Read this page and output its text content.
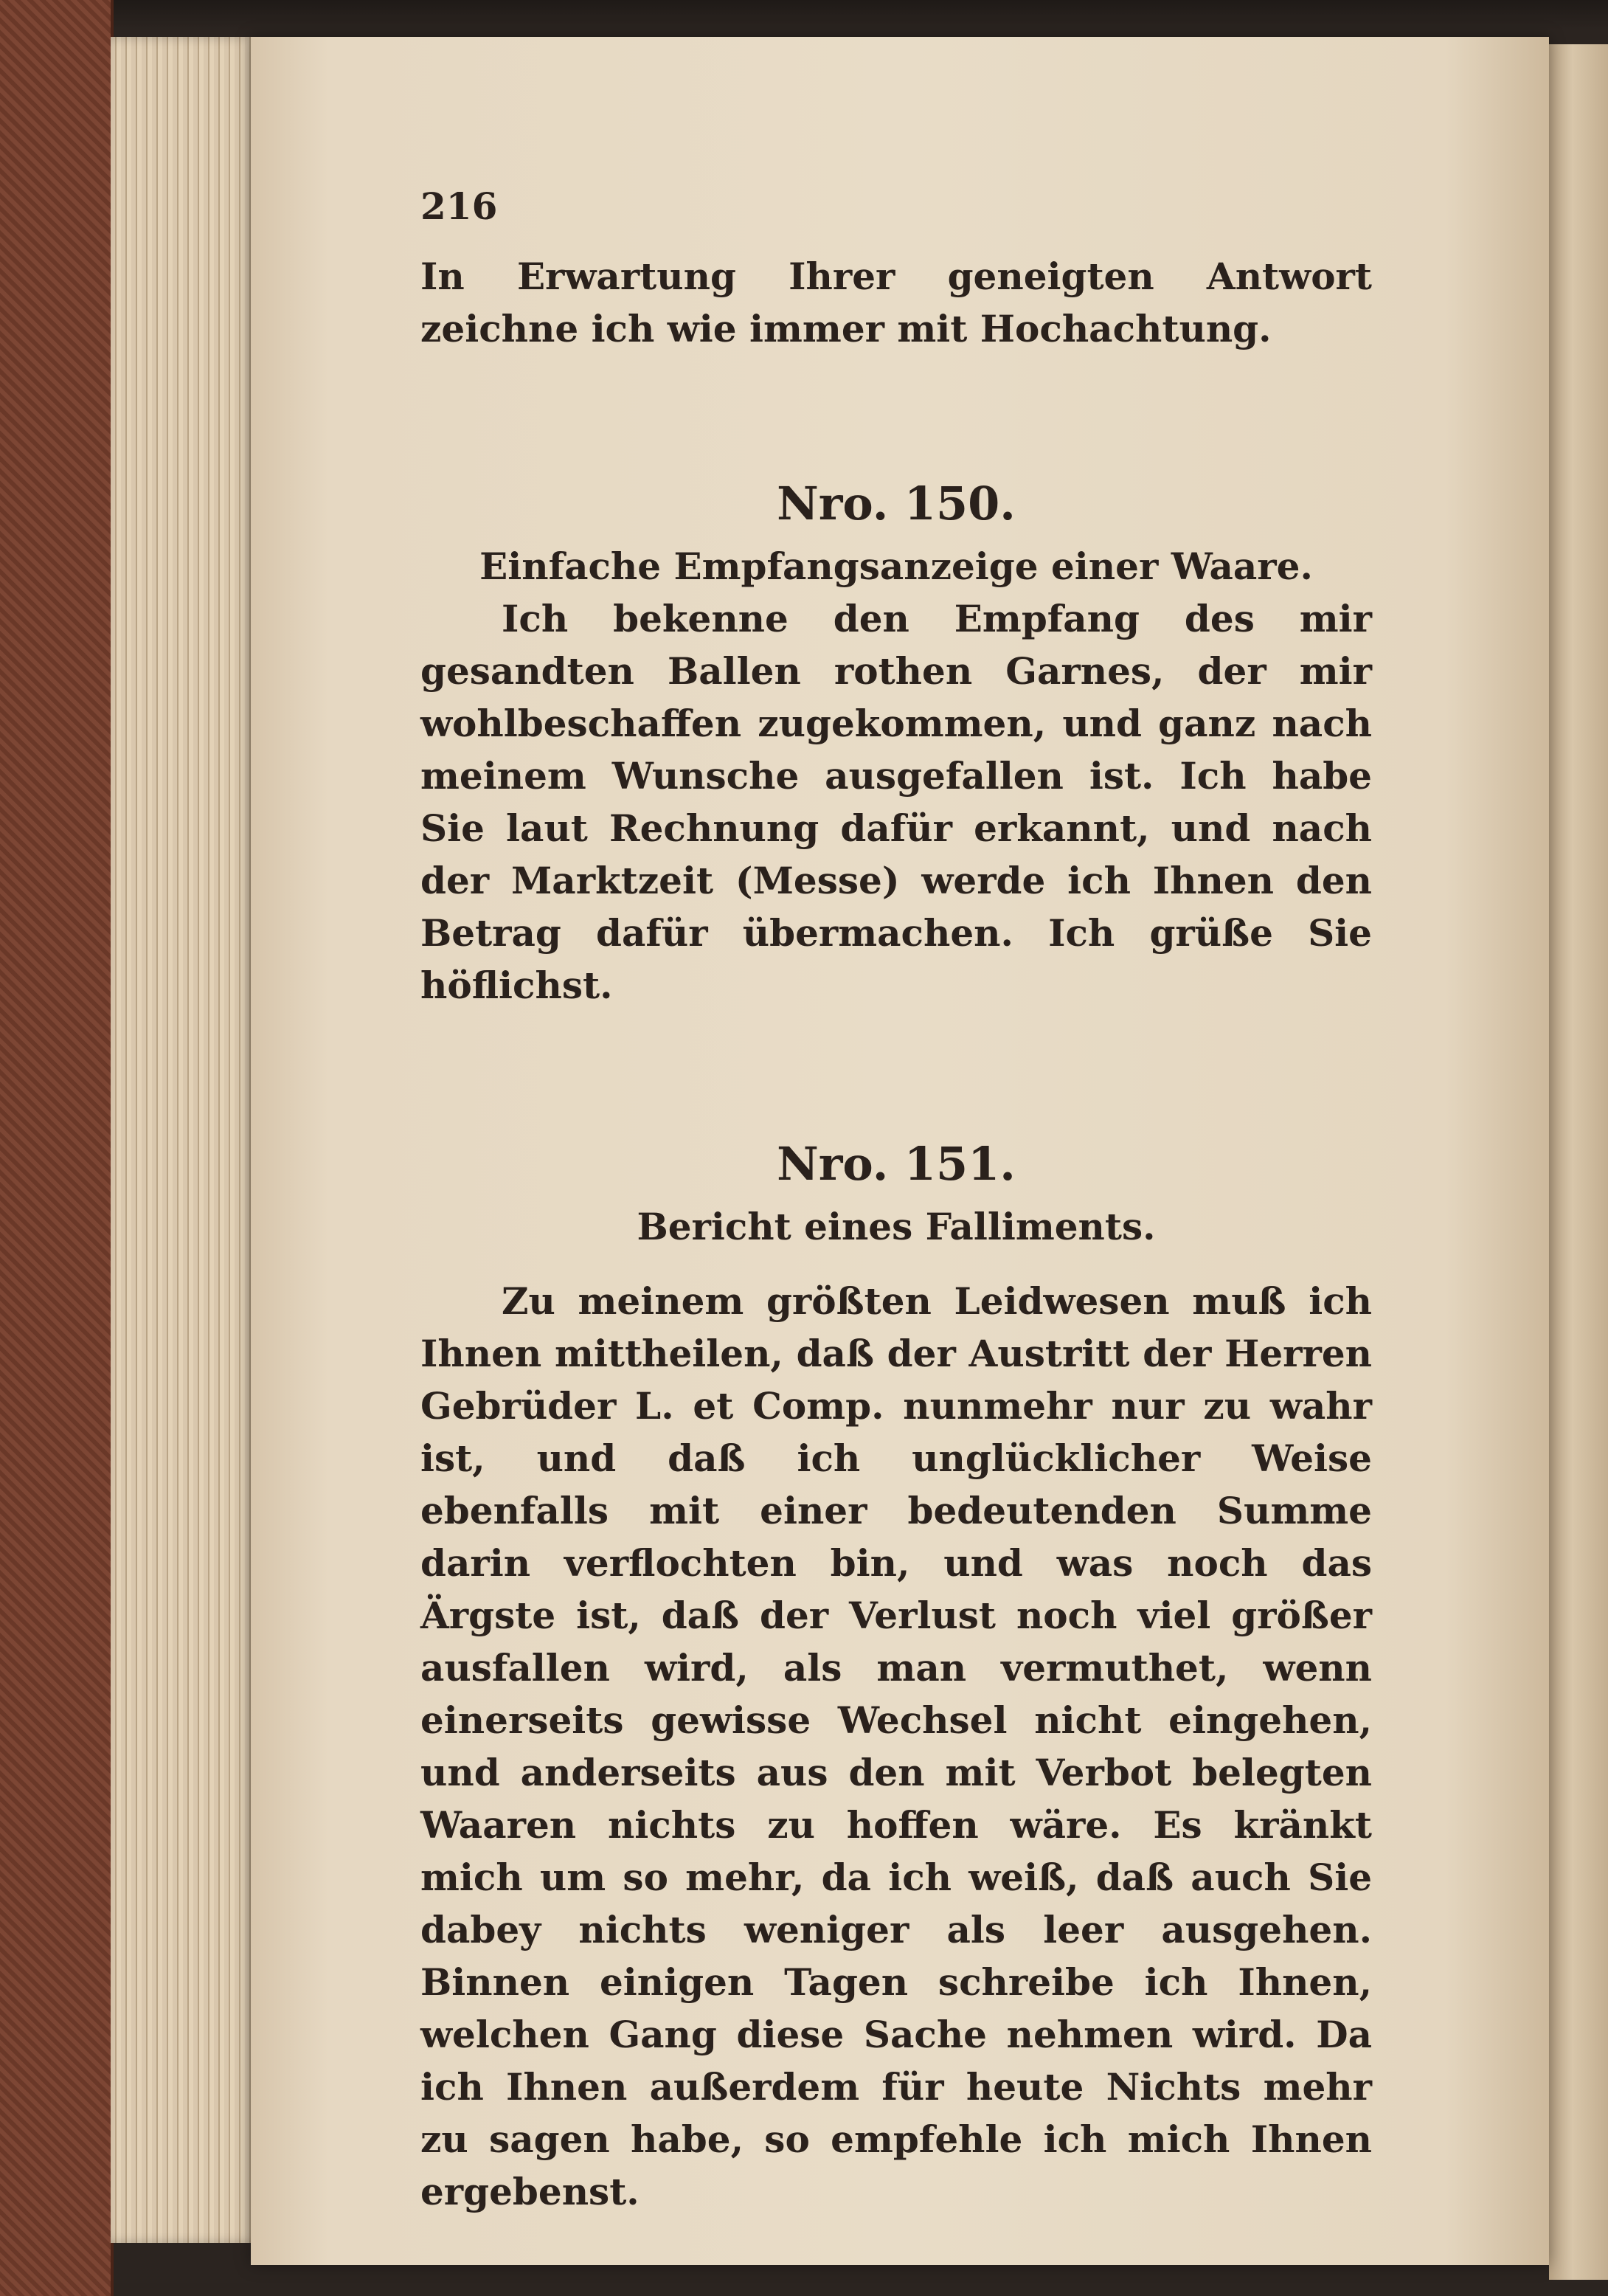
216

In Erwartung Ihrer geneigten Antwort zeichne ich wie immer mit Hochachtung.

Nro. 150.

Einfache Empfangsanzeige einer Waare.

Ich bekenne den Empfang des mir gesandten Ballen rothen Garnes, der mir wohlbeschaffen zugekommen, und ganz nach meinem Wunsche ausgefallen ist. Ich habe Sie laut Rechnung dafür erkannt, und nach der Marktzeit (Messe) werde ich Ihnen den Betrag dafür übermachen. Ich grüße Sie höflichst.

Nro. 151.

Bericht eines Falliments.

Zu meinem größten Leidwesen muß ich Ihnen mittheilen, daß der Austritt der Herren Gebrüder L. et Comp. nunmehr nur zu wahr ist, und daß ich unglücklicher Weise ebenfalls mit einer bedeutenden Summe darin verflochten bin, und was noch das Ärgste ist, daß der Verlust noch viel größer ausfallen wird, als man vermuthet, wenn einerseits gewisse Wechsel nicht eingehen, und anderseits aus den mit Verbot belegten Waaren nichts zu hoffen wäre. Es kränkt mich um so mehr, da ich weiß, daß auch Sie dabey nichts weniger als leer ausgehen. Binnen einigen Tagen schreibe ich Ihnen, welchen Gang diese Sache nehmen wird. Da ich Ihnen außerdem für heute Nichts mehr zu sagen habe, so empfehle ich mich Ihnen ergebenst.
